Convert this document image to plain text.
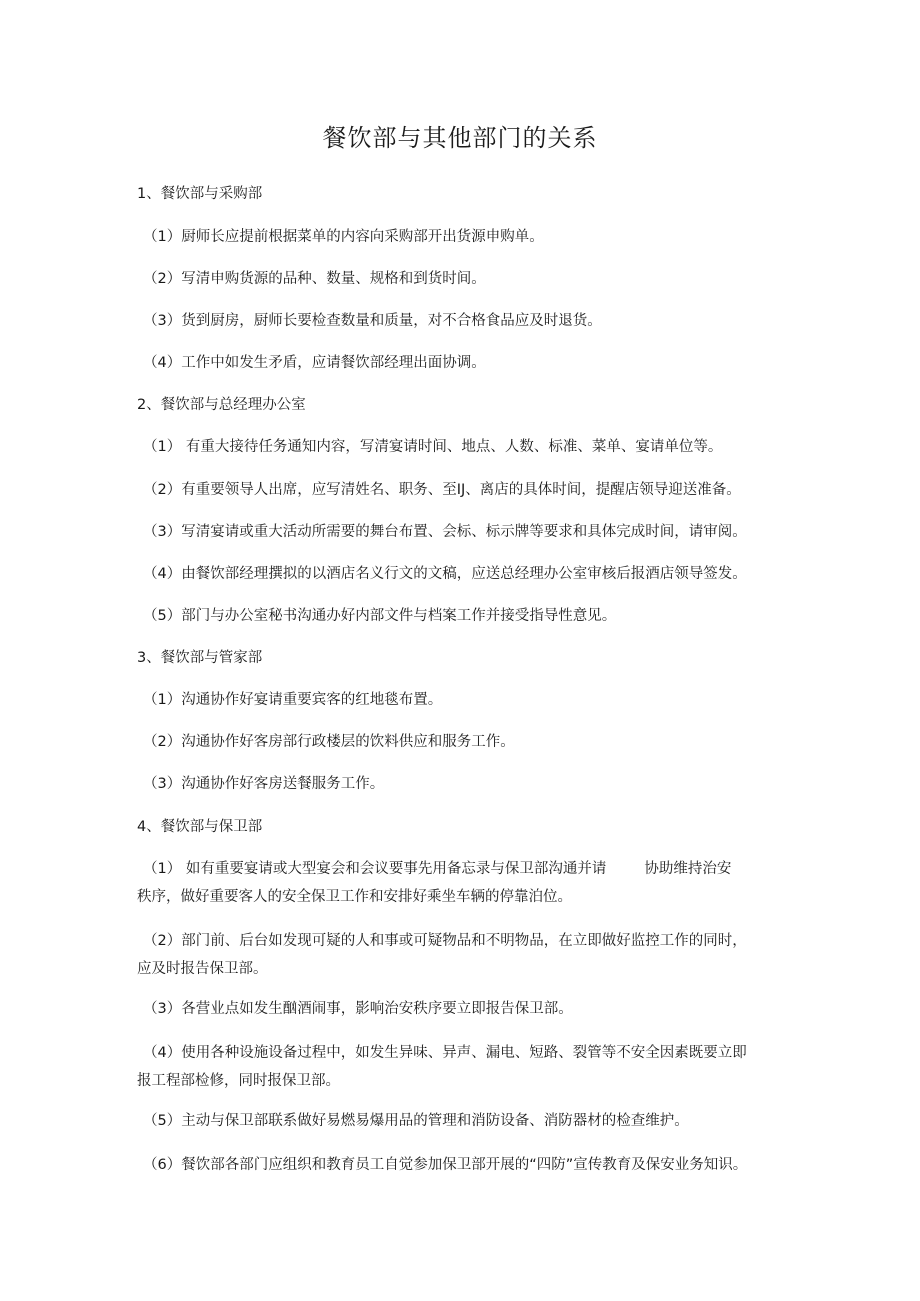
餐饮部与其他部门的关系
1、餐饮部与采购部
（1）厨师长应提前根据菜单的内容向采购部开出货源申购单。
（2）写清申购货源的品种、数量、规格和到货时间。
（3）货到厨房，厨师长要检查数量和质量，对不合格食品应及时退货。
（4）工作中如发生矛盾，应请餐饮部经理出面协调。
2、餐饮部与总经理办公室
（1） 有重大接待任务通知内容，写清宴请时间、地点、人数、标准、菜单、宴请单位等。
（2）有重要领导人出席，应写清姓名、职务、至IJ、离店的具体时间，提醒店领导迎送准备。
（3）写清宴请或重大活动所需要的舞台布置、会标、标示牌等要求和具体完成时间，请审阅。
（4）由餐饮部经理撰拟的以酒店名义行文的文稿，应送总经理办公室审核后报酒店领导签发。
（5）部门与办公室秘书沟通办好内部文件与档案工作并接受指导性意见。
3、餐饮部与管家部
（1）沟通协作好宴请重要宾客的红地毯布置。
（2）沟通协作好客房部行政楼层的饮料供应和服务工作。
（3）沟通协作好客房送餐服务工作。
4、餐饮部与保卫部
（1） 如有重要宴请或大型宴会和会议要事先用备忘录与保卫部沟通并请	协助维持治安
秩序，做好重要客人的安全保卫工作和安排好乘坐车辆的停靠泊位。
（2）部门前、后台如发现可疑的人和事或可疑物品和不明物品，在立即做好监控工作的同时，
应及时报告保卫部。
（3）各营业点如发生酗酒闹事，影响治安秩序要立即报告保卫部。
（4）使用各种设施设备过程中，如发生异味、异声、漏电、短路、裂管等不安全因素既要立即
报工程部检修，同时报保卫部。
（5）主动与保卫部联系做好易燃易爆用品的管理和消防设备、消防器材的检查维护。
（6）餐饮部各部门应组织和教育员工自觉参加保卫部开展的“四防”宣传教育及保安业务知识。
